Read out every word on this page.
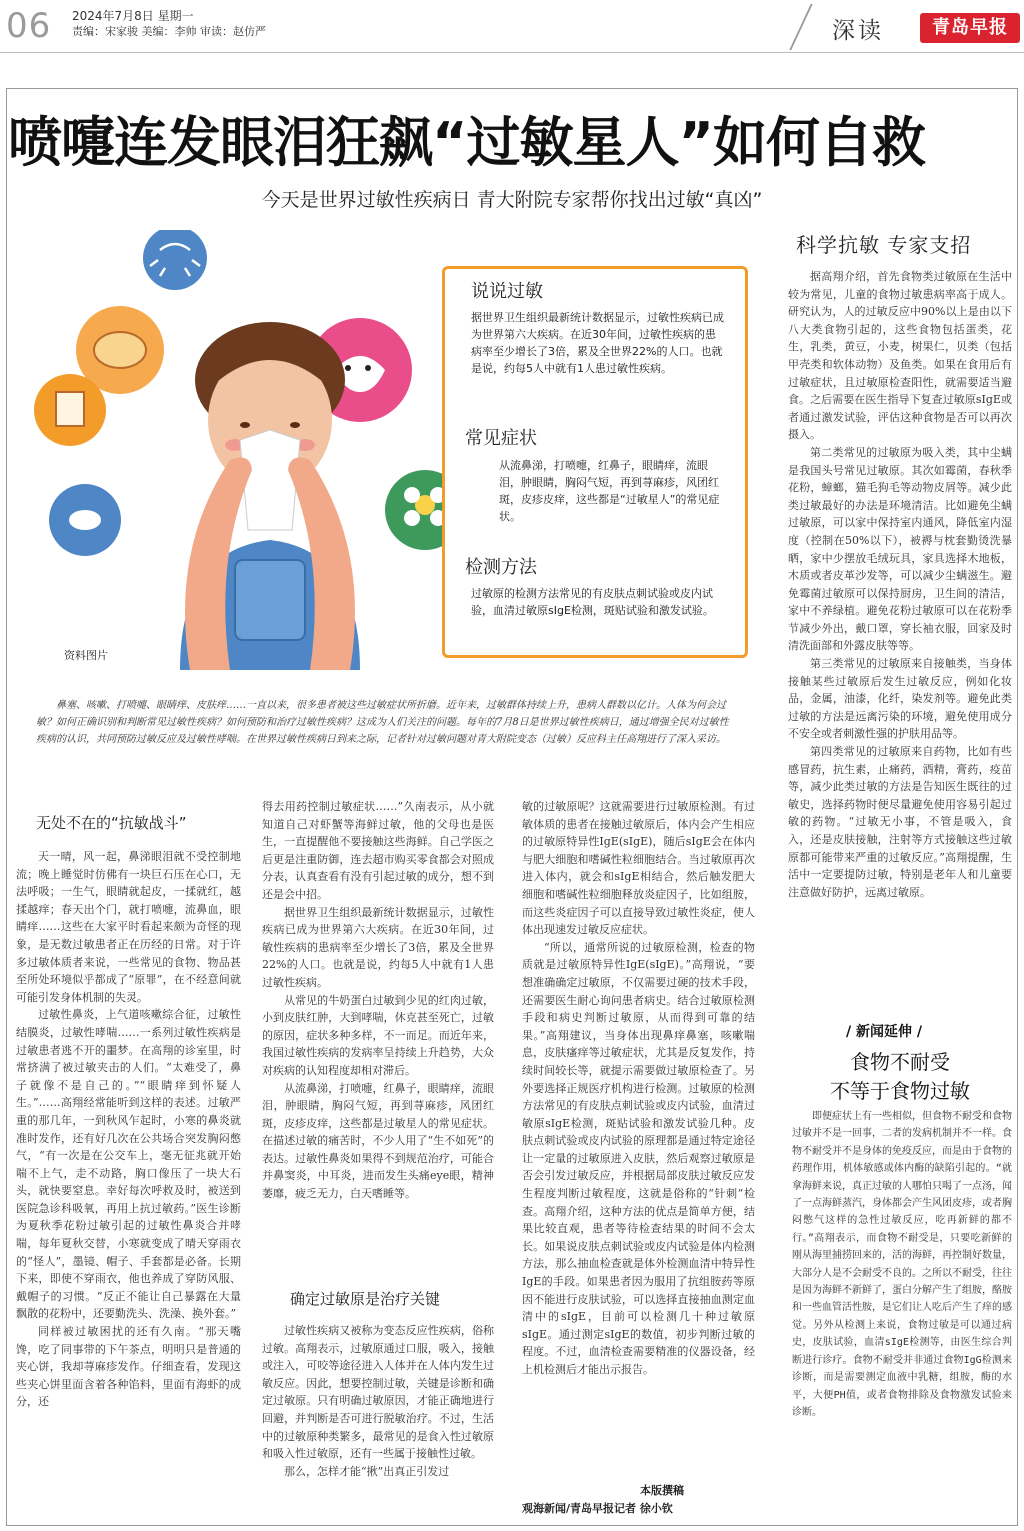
06 2024年7月8日 星期一
责编：宋家骏 美编：李帅 审读：赵仿严	深读	青岛早报
喷嚏连发眼泪狂飙“过敏星人”如何自救
今天是世界过敏性疾病日 青大附院专家帮你找出过敏“真凶”
资料图片
说说过敏
据世界卫生组织最新统计数据显示，过敏性疾病已成为世界第六大疾病。在近30年间，过敏性疾病的患病率至少增长了3倍，累及全世界22%的人口。也就是说，约每5人中就有1人患过敏性疾病。
常见症状
从流鼻涕，打喷嚏，红鼻子，眼睛痒，流眼泪，肿眼睛，胸闷气短，再到荨麻疹，风团红斑，皮疹皮痒，这些都是“过敏星人”的常见症状。
检测方法
过敏原的检测方法常见的有皮肤点刺试验或皮内试验，血清过敏原sIgE检测，斑贴试验和激发试验。
鼻塞、咳嗽、打喷嚏、眼睛痒、皮肤痒……一直以来，很多患者被这些过敏症状所折磨。近年来，过敏群体持续上升，患病人群数以亿计。人体为何会过敏？如何正确识别和判断常见过敏性疾病？如何预防和治疗过敏性疾病？这成为人们关注的问题。每年的7月8日是世界过敏性疾病日，通过增强全民对过敏性疾病的认识，共同预防过敏反应及过敏性哮喘。在世界过敏性疾病日到来之际，记者针对过敏问题对青大附院变态（过敏）反应科主任高翔进行了深入采访。
无处不在的“抗敏战斗”

天一晴，风一起，鼻涕眼泪就不受控制地流；晚上睡觉时仿佛有一块巨石压在心口，无法呼吸；一生气，眼睛就起皮，一揉就红，越揉越痒；春天出个门，就打喷嚏，流鼻血，眼睛痒……这些在大家平时看起来颇为奇怪的现象，是无数过敏患者正在历经的日常。对于许多过敏体质者来说，一些常见的食物、物品甚至所处环境似乎都成了“原罪”，在不经意间就可能引发身体机制的失灵。

过敏性鼻炎，上气道咳嗽综合征，过敏性结膜炎，过敏性哮喘……一系列过敏性疾病是过敏患者逃不开的噩梦。在高翔的诊室里，时常挤满了被过敏夹击的人们。“太难受了，鼻子就像不是自己的。”“眼睛痒到怀疑人生。”……高翔经常能听到这样的表述。过敏严重的那几年，一到秋风乍起时，小寒的鼻炎就准时发作，还有好几次在公共场合突发胸闷憋气，“有一次是在公交车上，毫无征兆就开始喘不上气，走不动路，胸口像压了一块大石头，就快要窒息。幸好每次呼救及时，被送到医院急诊科吸氧，再用上抗过敏药。”医生诊断为夏秋季花粉过敏引起的过敏性鼻炎合并哮喘，每年夏秋交替，小寒就变成了晴天穿雨衣的“怪人”，墨镜、帽子、手套都是必备。长期下来，即使不穿雨衣，他也养成了穿防风服、戴帽子的习惯。“反正不能让自己暴露在大量飘散的花粉中，还要勤洗头、洗澡、换外套。”

同样被过敏困扰的还有久南。“那天嘴馋，吃了同事带的下午茶点，明明只是普通的夹心饼，我却荨麻疹发作。仔细查看，发现这些夹心饼里面含着各种馅料，里面有海虾的成分，还

得去用药控制过敏症状……”久南表示，从小就知道自己对虾蟹等海鲜过敏，他的父母也是医生，一直提醒他不要接触这些海鲜。自己学医之后更是注重防御，连去超市购买零食都会对照成分表，认真查看有没有引起过敏的成分，想不到还是会中招。

据世界卫生组织最新统计数据显示，过敏性疾病已成为世界第六大疾病。在近30年间，过敏性疾病的患病率至少增长了3倍，累及全世界22%的人口。也就是说，约每5人中就有1人患过敏性疾病。

从常见的牛奶蛋白过敏到少见的红肉过敏，小到皮肤红肿，大到哮喘，休克甚至死亡，过敏的原因，症状多种多样，不一而足。而近年来，我国过敏性疾病的发病率呈持续上升趋势，大众对疾病的认知程度却相对滞后。

从流鼻涕，打喷嚏，红鼻子，眼睛痒，流眼泪，肿眼睛，胸闷气短，再到荨麻疹，风团红斑，皮疹皮痒，这些都是过敏星人的常见症状。在描述过敏的痛苦时，不少人用了“生不如死”的表达。过敏性鼻炎如果得不到规范治疗，可能合并鼻窦炎，中耳炎，进而发生头痛eye眼，精神萎靡，疲乏无力，白天嗜睡等。

确定过敏原是治疗关键

过敏性疾病又被称为变态反应性疾病，俗称过敏。高翔表示，过敏原通过口服，吸入，接触或注入，可咬等途径进入人体并在人体内发生过敏反应。因此，想要控制过敏，关键是诊断和确定过敏原。只有明确过敏原因，才能正确地进行回避，并判断是否可进行脱敏治疗。不过，生活中的过敏原种类繁多，最常见的是食入性过敏原和吸入性过敏原，还有一些属于接触性过敏。

那么，怎样才能“揪”出真正引发过

敏的过敏原呢？这就需要进行过敏原检测。有过敏体质的患者在接触过敏原后，体内会产生相应的过敏原特异性IgE(sIgE)，随后sIgE会在体内与肥大细胞和嗜碱性粒细胞结合。当过敏原再次进入体内，就会和sIgE相结合，然后触发肥大细胞和嗜碱性粒细胞释放炎症因子，比如组胺，而这些炎症因子可以直接导致过敏性炎症，使人体出现速发过敏反应症状。

“所以，通常所说的过敏原检测，检查的物质就是过敏原特异性IgE(sIgE)。”高翔说，“要想准确确定过敏原，不仅需要过硬的技术手段，还需要医生耐心询问患者病史。结合过敏原检测手段和病史判断过敏原，从而得到可靠的结果。”高翔建议，当身体出现鼻痒鼻塞，咳嗽喘息，皮肤瘙痒等过敏症状，尤其是反复发作，持续时间较长等，就提示需要做过敏原检查了。另外要选择正规医疗机构进行检测。过敏原的检测方法常见的有皮肤点刺试验或皮内试验，血清过敏原sIgE检测，斑贴试验和激发试验几种。皮肤点刺试验或皮内试验的原理都是通过特定途径让一定量的过敏原进入皮肤，然后观察过敏原是否会引发过敏反应，并根据局部皮肤过敏反应发生程度判断过敏程度，这就是俗称的“针刺”检查。高翔介绍，这种方法的优点是简单方便，结果比较直观，患者等待检查结果的时间不会太长。如果说皮肤点刺试验或皮内试验是体内检测方法，那么抽血检查就是体外检测血清中特异性IgE的手段。如果患者因为服用了抗组胺药等原因不能进行皮肤试验，可以选择直接抽血测定血清中的sIgE，目前可以检测几十种过敏原sIgE。通过测定sIgE的数值，初步判断过敏的程度。不过，血清检查需要精准的仪器设备，经上机检测后才能出示报告。

本版撰稿
观海新闻/青岛早报记者 徐小钦
科学抗敏 专家支招

据高翔介绍，首先食物类过敏原在生活中较为常见，儿童的食物过敏患病率高于成人。研究认为，人的过敏反应中90%以上是由以下八大类食物引起的，这些食物包括蛋类，花生，乳类，黄豆，小麦，树果仁，贝类（包括甲壳类和软体动物）及鱼类。如果在食用后有过敏症状，且过敏原检查阳性，就需要适当避食。之后需要在医生指导下复查过敏原sIgE或者通过激发试验，评估这种食物是否可以再次摄入。

第二类常见的过敏原为吸入类，其中尘螨是我国头号常见过敏原。其次如霉菌，春秋季花粉，蟑螂，猫毛狗毛等动物皮屑等。减少此类过敏最好的办法是环境清洁。比如避免尘螨过敏原，可以家中保持室内通风，降低室内湿度（控制在50%以下），被褥与枕套勤烫洗暴晒，家中少摆放毛绒玩具，家具选择木地板，木质或者皮革沙发等，可以减少尘螨滋生。避免霉菌过敏原可以保持厨房，卫生间的清洁，家中不养绿植。避免花粉过敏原可以在花粉季节减少外出，戴口罩，穿长袖衣服，回家及时清洗面部和外露皮肤等等。

第三类常见的过敏原来自接触类，当身体接触某些过敏原后发生过敏反应，例如化妆品，金属，油漆，化纤，染发剂等。避免此类过敏的方法是远离污染的环境，避免使用成分不安全或者刺激性强的护肤用品等。

第四类常见的过敏原来自药物，比如有些感冒药，抗生素，止痛药，酒精，膏药，疫苗等，减少此类过敏的方法是告知医生既往的过敏史，选择药物时便尽量避免使用容易引起过敏的药物。“过敏无小事，不管是吸入，食入，还是皮肤接触，注射等方式接触这些过敏原都可能带来严重的过敏反应。”高翔提醒，生活中一定要提防过敏，特别是老年人和儿童要注意做好防护，远离过敏原。

/ 新闻延伸 /
食物不耐受
不等于食物过敏
即便症状上有一些相似，但食物不耐受和食物过敏并不是一回事，二者的发病机制并不一样。食物不耐受并不是身体的免疫反应，而是由于食物的药理作用，机体敏感或体内酶的缺陷引起的。“就拿海鲜来说，真正过敏的人哪怕只喝了一点汤，闻了一点海鲜蒸汽，身体都会产生风团皮疹，或者胸闷憋气这样的急性过敏反应，吃再新鲜的都不行。”高翔表示，而食物不耐受是，只要吃新鲜的刚从海里捕捞回来的，活的海鲜，再控制好数量，大部分人是不会耐受不良的。之所以不耐受，往往是因为海鲜不新鲜了，蛋白分解产生了组胺，酪胺和一些血管活性胺，是它们让人吃后产生了痒的感觉。另外从检测上来说，食物过敏是可以通过病史，皮肤试验，血清sIgE检测等，由医生综合判断进行诊疗。食物不耐受并非通过食物IgG检测来诊断，而是需要测定血液中乳糖，组胺，酶的水平，大便PH值，或者食物排除及食物激发试验来诊断。
